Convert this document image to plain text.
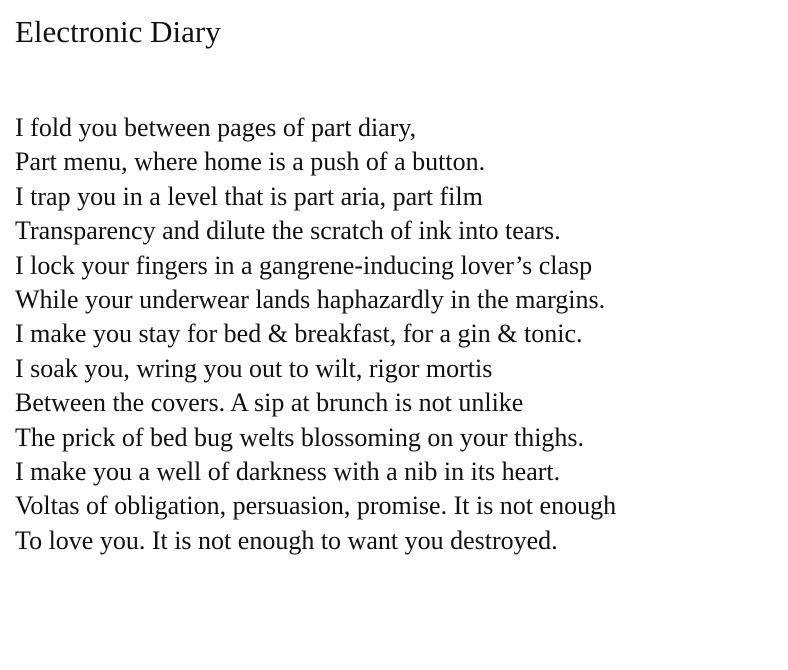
Electronic Diary
I fold you between pages of part diary,
Part menu, where home is a push of a button.
I trap you in a level that is part aria, part film
Transparency and dilute the scratch of ink into tears.
I lock your fingers in a gangrene-inducing lover’s clasp
While your underwear lands haphazardly in the margins.
I make you stay for bed & breakfast, for a gin & tonic.
I soak you, wring you out to wilt, rigor mortis
Between the covers. A sip at brunch is not unlike
The prick of bed bug welts blossoming on your thighs.
I make you a well of darkness with a nib in its heart.
Voltas of obligation, persuasion, promise. It is not enough
To love you. It is not enough to want you destroyed.
